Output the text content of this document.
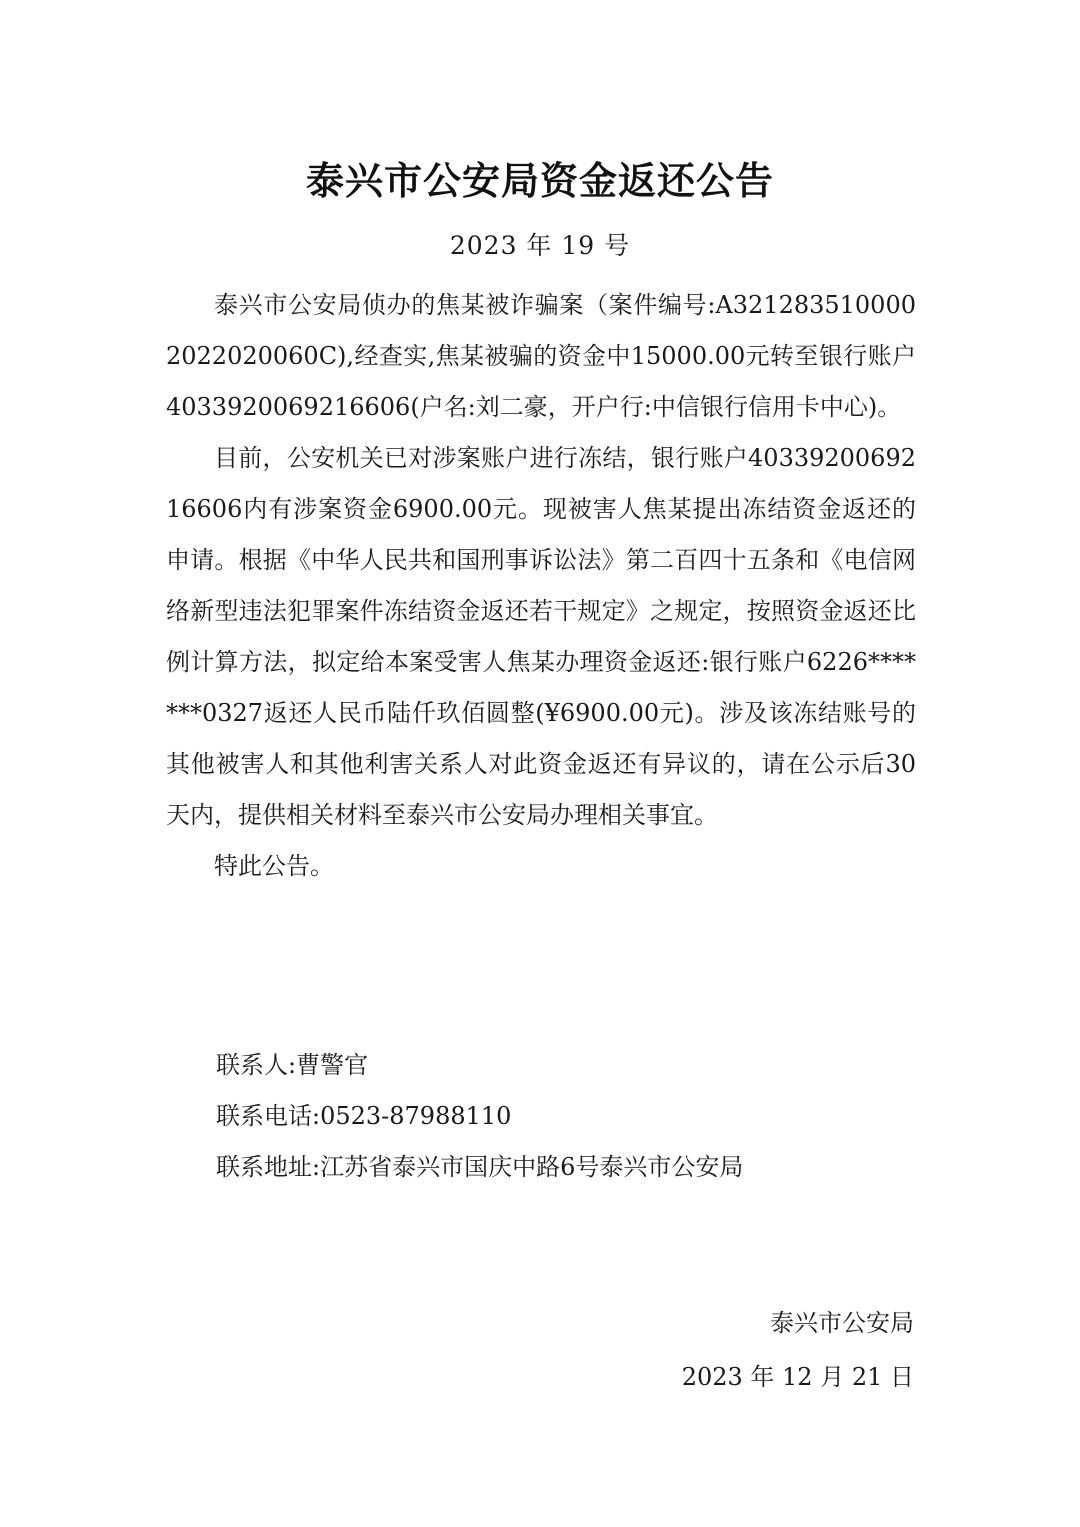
泰兴市公安局资金返还公告
2023 年 19 号

泰兴市公安局侦办的焦某被诈骗案（案件编号:A3212835100002022020060C),经查实,焦某被骗的资金中15000.00元转至银行账户4033920069216606(户名:刘二豪，开户行:中信银行信用卡中心)。

目前，公安机关已对涉案账户进行冻结，银行账户4033920069216606内有涉案资金6900.00元。现被害人焦某提出冻结资金返还的申请。根据《中华人民共和国刑事诉讼法》第二百四十五条和《电信网络新型违法犯罪案件冻结资金返还若干规定》之规定，按照资金返还比例计算方法，拟定给本案受害人焦某办理资金返还:银行账户6226*******0327返还人民币陆仟玖佰圆整(¥6900.00元)。涉及该冻结账号的其他被害人和其他利害关系人对此资金返还有异议的，请在公示后30天内，提供相关材料至泰兴市公安局办理相关事宜。

特此公告。

联系人:曹警官
联系电话:0523-87988110
联系地址:江苏省泰兴市国庆中路6号泰兴市公安局
泰兴市公安局
2023 年 12 月 21 日
